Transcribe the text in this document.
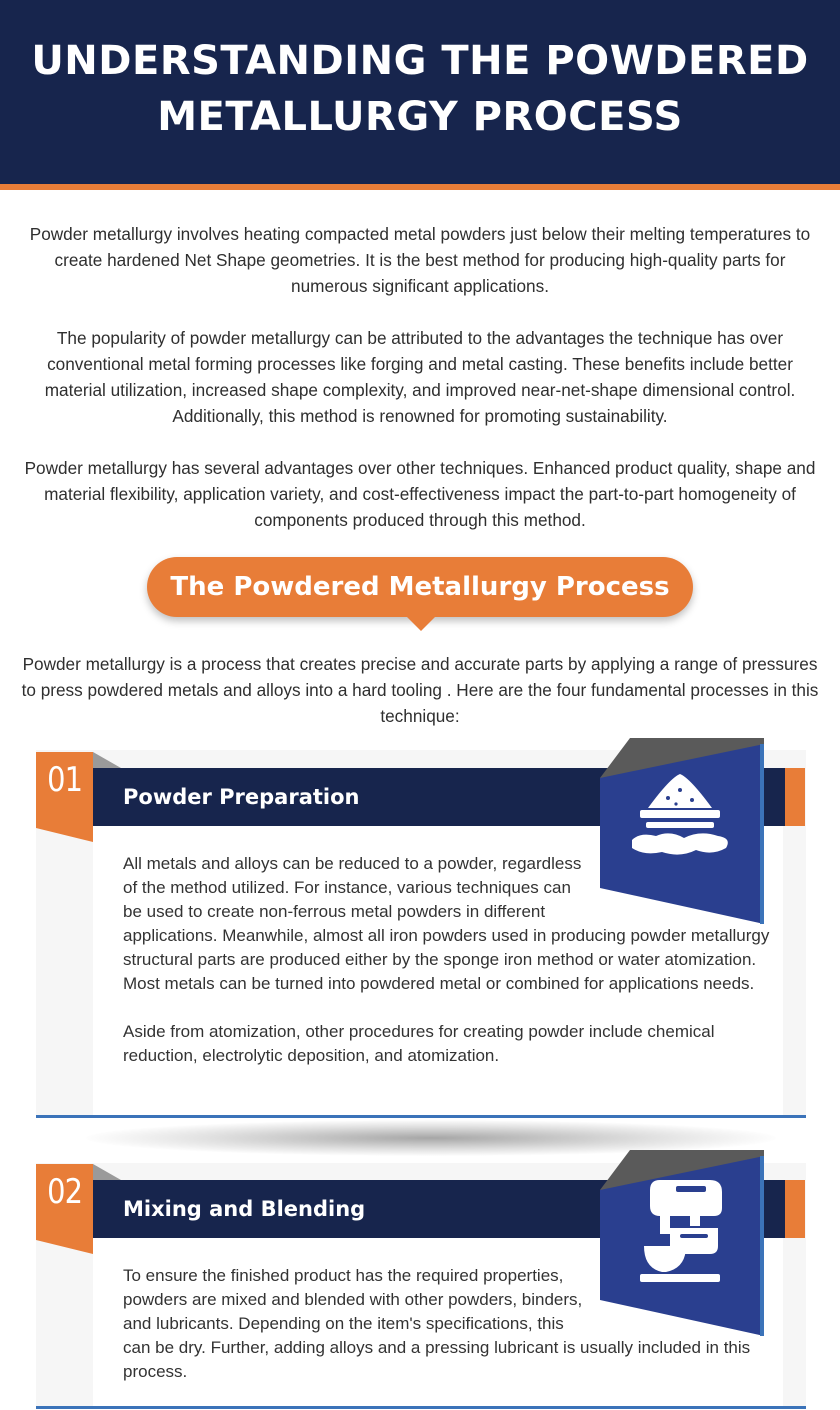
UNDERSTANDING THE POWDERED METALLURGY PROCESS

Powder metallurgy involves heating compacted metal powders just below their melting temperatures to create hardened Net Shape geometries. It is the best method for producing high-quality parts for numerous significant applications.

The popularity of powder metallurgy can be attributed to the advantages the technique has over conventional metal forming processes like forging and metal casting. These benefits include better material utilization, increased shape complexity, and improved near-net-shape dimensional control. Additionally, this method is renowned for promoting sustainability.

Powder metallurgy has several advantages over other techniques. Enhanced product quality, shape and material flexibility, application variety, and cost-effectiveness impact the part-to-part homogeneity of components produced through this method.

The Powdered Metallurgy Process

Powder metallurgy is a process that creates precise and accurate parts by applying a range of pressures to press powdered metals and alloys into a hard tooling . Here are the four fundamental processes in this technique:

Powder Preparation
01

All metals and alloys can be reduced to a powder, regardless of the method utilized. For instance, various techniques can be used to create non-ferrous metal powders in different applications. Meanwhile, almost all iron powders used in producing powder metallurgy structural parts are produced either by the sponge iron method or water atomization. Most metals can be turned into powdered metal or combined for applications needs.

Aside from atomization, other procedures for creating powder include chemical reduction, electrolytic deposition, and atomization.

Mixing and Blending
02

To ensure the finished product has the required properties, powders are mixed and blended with other powders, binders, and lubricants. Depending on the item's specifications, this can be dry. Further, adding alloys and a pressing lubricant is usually included in this process.
